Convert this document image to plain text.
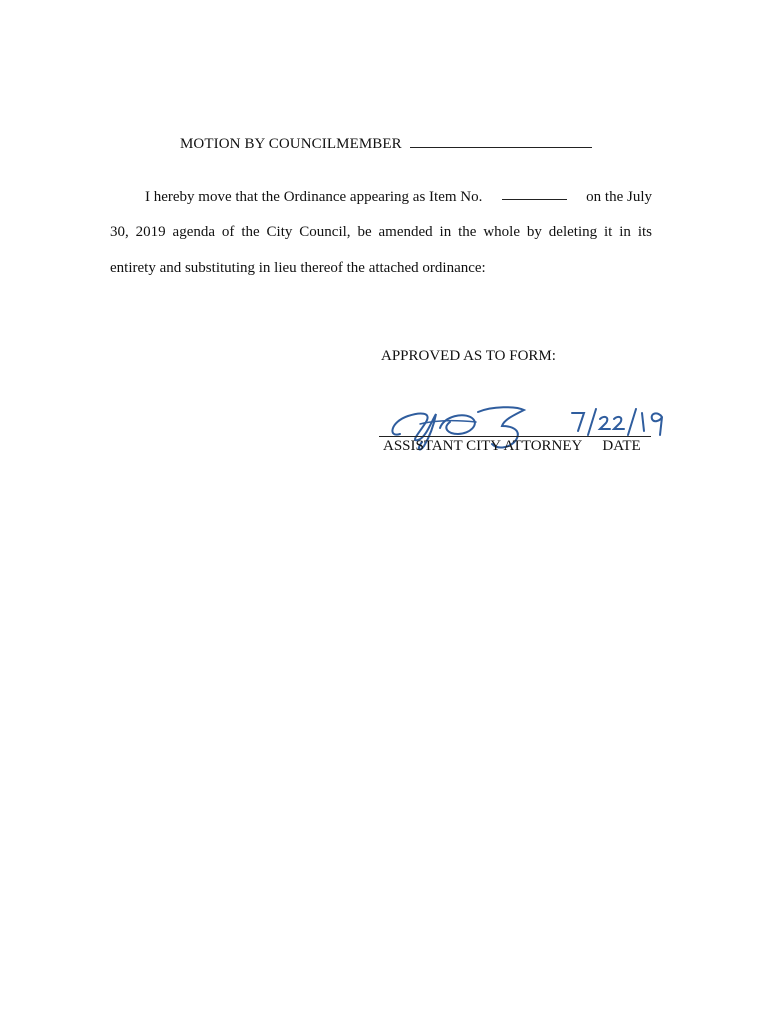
MOTION BY COUNCILMEMBER
I hereby move that the Ordinance appearing as Item No.	on the July
30, 2019 agenda of the City Council, be amended in the whole by deleting it in its
entirety and substituting in lieu thereof the attached ordinance:
APPROVED AS TO FORM:
ASSISTANT CITY ATTORNEY DATE
